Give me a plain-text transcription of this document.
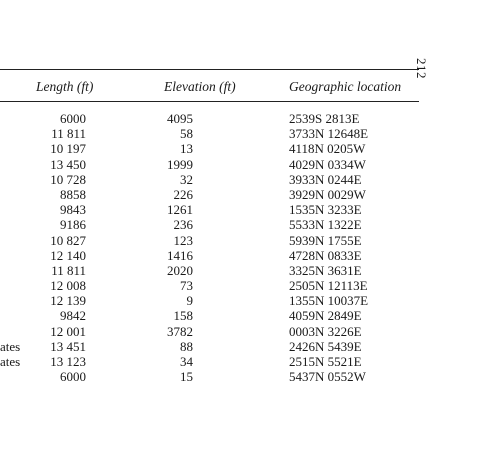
212
Length (ft)	Elevation (ft)	Geographic location
6000	4095	2539S 2813E
11 811	58	3733N 12648E
10 197	13	4118N 0205W
13 450	1999	4029N 0334W
10 728	32	3933N 0244E
8858	226	3929N 0029W
9843	1261	1535N 3233E
9186	236	5533N 1322E
10 827	123	5939N 1755E
12 140	1416	4728N 0833E
11 811	2020	3325N 3631E
12 008	73	2505N 12113E
12 139	9	1355N 10037E
9842	158	4059N 2849E
12 001	3782	0003N 3226E
ates 13 451	88	2426N 5439E
ates 13 123	34	2515N 5521E
6000	15	5437N 0552W
